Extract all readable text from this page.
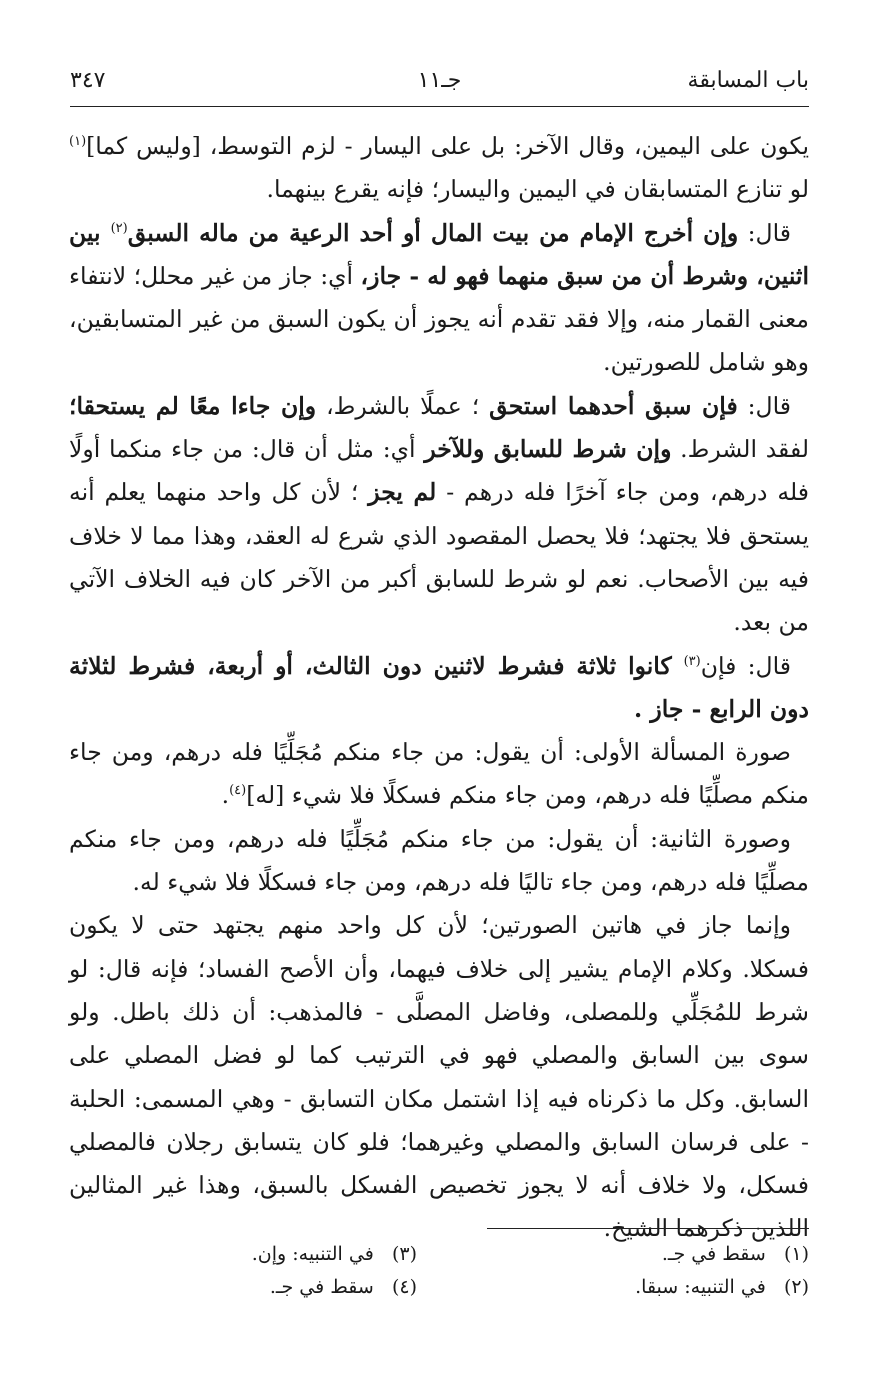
باب المسابقة
جـ١١
٣٤٧

يكون على اليمين، وقال الآخر: بل على اليسار - لزم التوسط، [وليس كما]$^{(١)}$ لو تنازع المتسابقان في اليمين واليسار؛ فإنه يقرع بينهما.

قال: وإن أخرج الإمام من بيت المال أو أحد الرعية من ماله السبق$^{(٢)}$ بين اثنين، وشرط أن من سبق منهما فهو له - جاز، أي: جاز من غير محلل؛ لانتفاء معنى القمار منه، وإلا فقد تقدم أنه يجوز أن يكون السبق من غير المتسابقين، وهو شامل للصورتين.

قال: فإن سبق أحدهما استحق ؛ عملًا بالشرط، وإن جاءا معًا لم يستحقا؛ لفقد الشرط. وإن شرط للسابق وللآخر أي: مثل أن قال: من جاء منكما أولًا فله درهم، ومن جاء آخرًا فله درهم - لم يجز ؛ لأن كل واحد منهما يعلم أنه يستحق فلا يجتهد؛ فلا يحصل المقصود الذي شرع له العقد، وهذا مما لا خلاف فيه بين الأصحاب. نعم لو شرط للسابق أكبر من الآخر كان فيه الخلاف الآتي من بعد.

قال: فإن$^{(٣)}$ كانوا ثلاثة فشرط لاثنين دون الثالث، أو أربعة، فشرط لثلاثة دون الرابع - جاز .

صورة المسألة الأولى: أن يقول: من جاء منكم مُجَلِّيًا فله درهم، ومن جاء منكم مصلِّيًا فله درهم، ومن جاء منكم فسكلًا فلا شيء [له]$^{(٤)}$.

وصورة الثانية: أن يقول: من جاء منكم مُجَلِّيًا فله درهم، ومن جاء منكم مصلِّيًا فله درهم، ومن جاء تاليًا فله درهم، ومن جاء فسكلًا فلا شيء له.

وإنما جاز في هاتين الصورتين؛ لأن كل واحد منهم يجتهد حتى لا يكون فسكلا. وكلام الإمام يشير إلى خلاف فيهما، وأن الأصح الفساد؛ فإنه قال: لو شرط للمُجَلِّي وللمصلى، وفاضل المصلَّى - فالمذهب: أن ذلك باطل. ولو سوى بين السابق والمصلي فهو في الترتيب كما لو فضل المصلي على السابق. وكل ما ذكرناه فيه إذا اشتمل مكان التسابق - وهي المسمى: الحلبة - على فرسان السابق والمصلي وغيرهما؛ فلو كان يتسابق رجلان فالمصلي فسكل، ولا خلاف أنه لا يجوز تخصيص الفسكل بالسبق، وهذا غير المثالين اللذين ذكرهما الشيخ.

(١)   سقط في جـ.
(٢)   في التنبيه: سبقا.
(٣)   في التنبيه: وإن.
(٤)   سقط في جـ.
